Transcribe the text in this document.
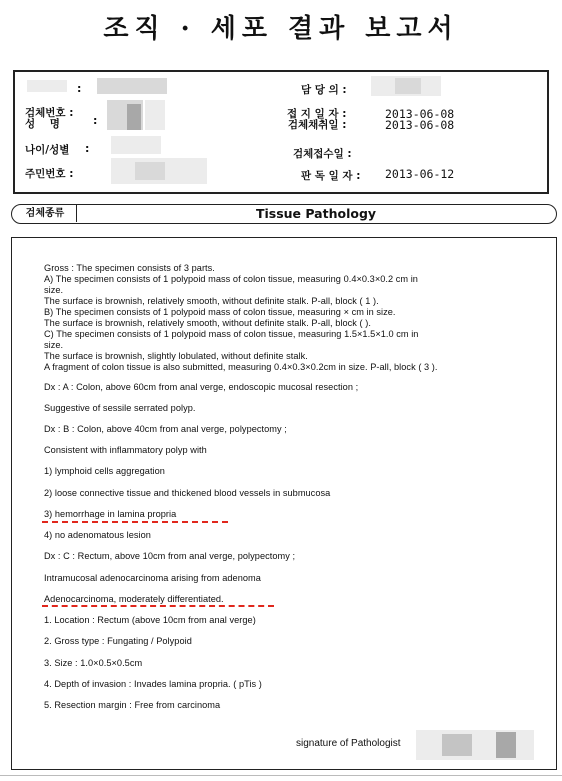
조직 · 세포 결과 보고서
:
검체번호 :
성    명	:
나이/성별 :
주민번호 :
담 당 의 :
접 지 일 자 :
검체채취일 :
2013-06-08
2013-06-08
검체접수일 :
판 독 일 자 : 2013-06-12
검체종류	Tissue Pathology
Gross : The specimen consists of 3 parts.
A) The specimen consists of 1 polypoid mass of colon tissue, measuring 0.4×0.3×0.2 cm in
size.
The surface is brownish, relatively smooth, without definite stalk. P-all, block ( 1 ).
B) The specimen consists of 1 polypoid mass of colon tissue, measuring × cm in size.
The surface is brownish, relatively smooth, without definite stalk. P-all, block ( ).
C) The specimen consists of 1 polypoid mass of colon tissue, measuring 1.5×1.5×1.0 cm in
size.
The surface is brownish, slightly lobulated, without definite stalk.
A fragment of colon tissue is also submitted, measuring 0.4×0.3×0.2cm in size. P-all, block ( 3 ).
Dx : A : Colon, above 60cm from anal verge, endoscopic mucosal resection ;
Suggestive of sessile serrated polyp.
Dx : B : Colon, above 40cm from anal verge, polypectomy ;
Consistent with inflammatory polyp with
1) lymphoid cells aggregation
2) loose connective tissue and thickened blood vessels in submucosa
3) hemorrhage in lamina propria
4) no adenomatous lesion
Dx : C : Rectum, above 10cm from anal verge, polypectomy ;
Intramucosal adenocarcinoma arising from adenoma
Adenocarcinoma, moderately differentiated.
1. Location : Rectum (above 10cm from anal verge)
2. Gross type : Fungating / Polypoid
3. Size : 1.0×0.5×0.5cm
4. Depth of invasion : Invades lamina propria. ( pTis )
5. Resection margin : Free from carcinoma
signature of Pathologist
